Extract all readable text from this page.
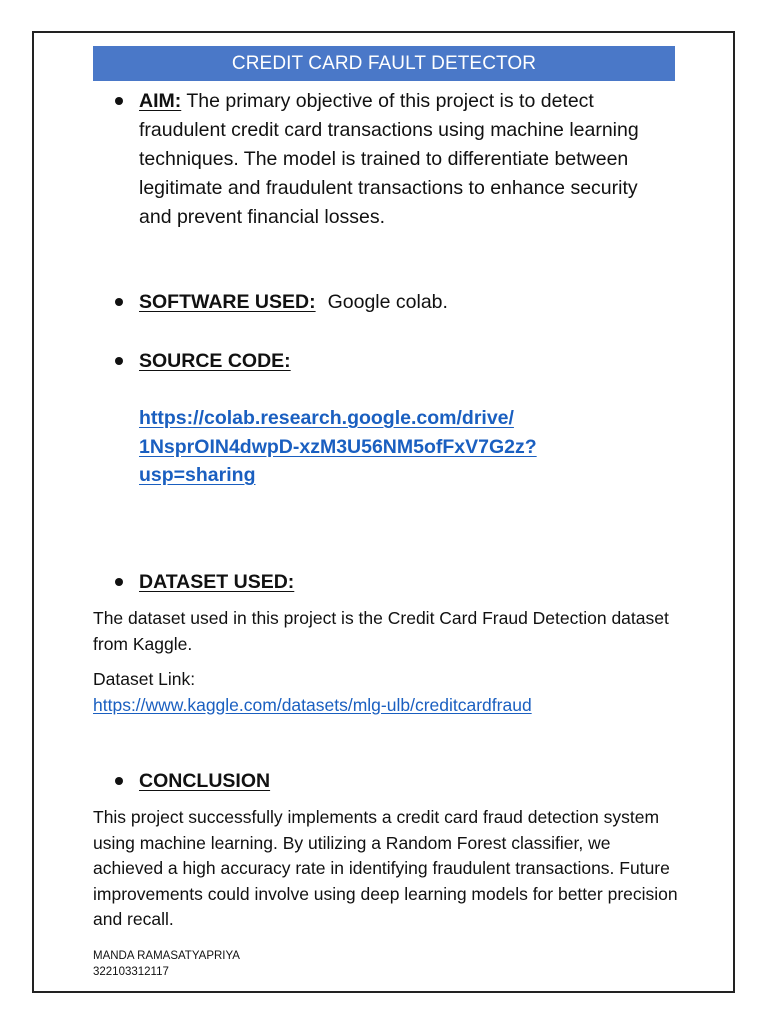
CREDIT CARD FAULT DETECTOR
AIM: The primary objective of this project is to detect fraudulent credit card transactions using machine learning techniques. The model is trained to differentiate between legitimate and fraudulent transactions to enhance security and prevent financial losses.
SOFTWARE USED: Google colab.
SOURCE CODE:
https://colab.research.google.com/drive/
1NsprOIN4dwpD-xzM3U56NM5ofFxV7G2z?
usp=sharing
DATASET USED:
The dataset used in this project is the Credit Card Fraud Detection dataset from Kaggle.
Dataset Link:
https://www.kaggle.com/datasets/mlg-ulb/creditcardfraud
CONCLUSION
This project successfully implements a credit card fraud detection system using machine learning. By utilizing a Random Forest classifier, we achieved a high accuracy rate in identifying fraudulent transactions. Future improvements could involve using deep learning models for better precision and recall.
MANDA RAMASATYAPRIYA
322103312117
